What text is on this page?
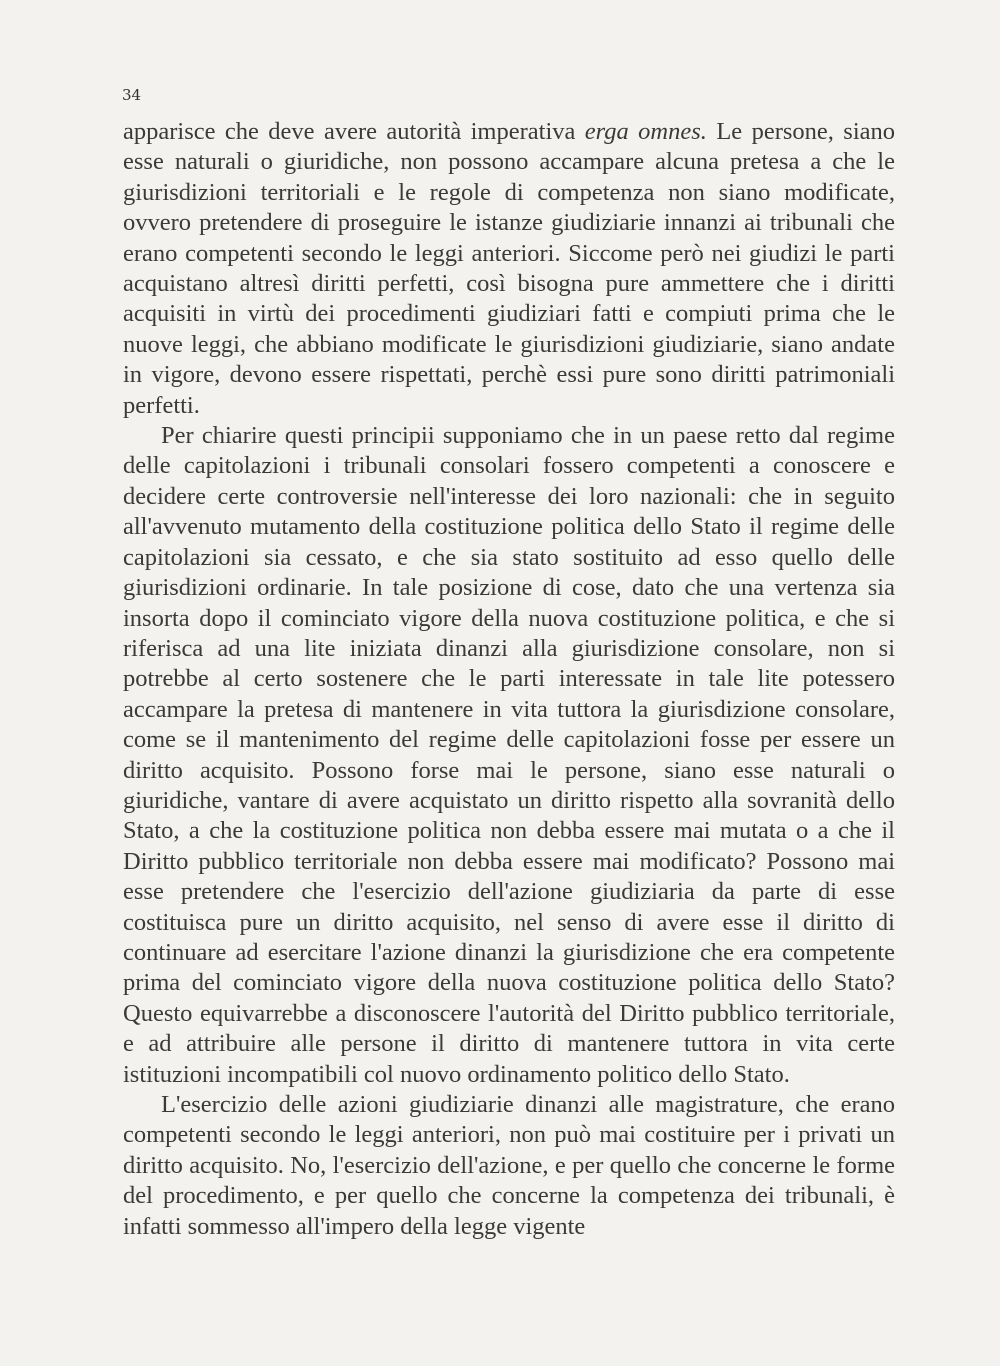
34

apparisce che deve avere autorità imperativa erga omnes. Le persone, siano esse naturali o giuridiche, non possono accampare alcuna pretesa a che le giurisdizioni territoriali e le regole di competenza non siano modificate, ovvero pretendere di proseguire le istanze giudiziarie innanzi ai tribunali che erano competenti secondo le leggi anteriori. Siccome però nei giudizi le parti acquistano altresì diritti perfetti, così bisogna pure ammettere che i diritti acquisiti in virtù dei procedimenti giudiziari fatti e compiuti prima che le nuove leggi, che abbiano modificate le giurisdizioni giudiziarie, siano andate in vigore, devono essere rispettati, perchè essi pure sono diritti patrimoniali perfetti.

Per chiarire questi principii supponiamo che in un paese retto dal regime delle capitolazioni i tribunali consolari fossero competenti a conoscere e decidere certe controversie nell'interesse dei loro nazionali: che in seguito all'avvenuto mutamento della costituzione politica dello Stato il regime delle capitolazioni sia cessato, e che sia stato sostituito ad esso quello delle giurisdizioni ordinarie. In tale posizione di cose, dato che una vertenza sia insorta dopo il cominciato vigore della nuova costituzione politica, e che si riferisca ad una lite iniziata dinanzi alla giurisdizione consolare, non si potrebbe al certo sostenere che le parti interessate in tale lite potessero accampare la pretesa di mantenere in vita tuttora la giurisdizione consolare, come se il mantenimento del regime delle capitolazioni fosse per essere un diritto acquisito. Possono forse mai le persone, siano esse naturali o giuridiche, vantare di avere acquistato un diritto rispetto alla sovranità dello Stato, a che la costituzione politica non debba essere mai mutata o a che il Diritto pubblico territoriale non debba essere mai modificato? Possono mai esse pretendere che l'esercizio dell'azione giudiziaria da parte di esse costituisca pure un diritto acquisito, nel senso di avere esse il diritto di continuare ad esercitare l'azione dinanzi la giurisdizione che era competente prima del cominciato vigore della nuova costituzione politica dello Stato? Questo equivarrebbe a disconoscere l'autorità del Diritto pubblico territoriale, e ad attribuire alle persone il diritto di mantenere tuttora in vita certe istituzioni incompatibili col nuovo ordinamento politico dello Stato.

L'esercizio delle azioni giudiziarie dinanzi alle magistrature, che erano competenti secondo le leggi anteriori, non può mai costituire per i privati un diritto acquisito. No, l'esercizio dell'azione, e per quello che concerne le forme del procedimento, e per quello che concerne la competenza dei tribunali, è infatti sommesso all'impero della legge vigente
